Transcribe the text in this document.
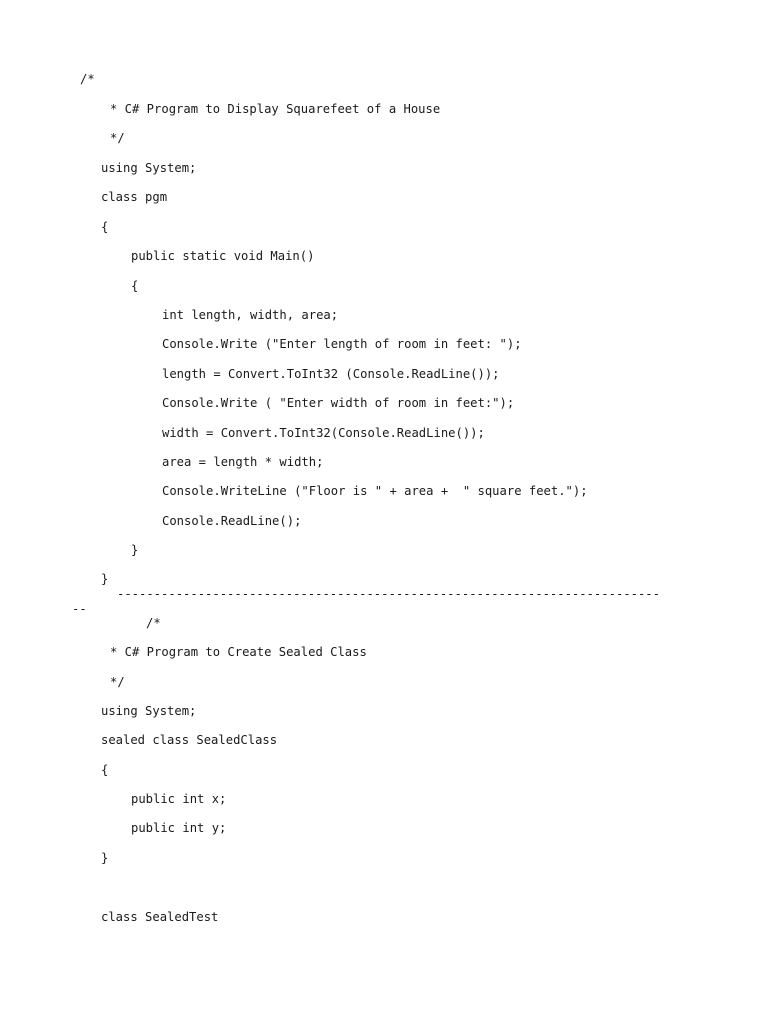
/*

* C# Program to Display Squarefeet of a House

*/

using System;

class pgm

{

public static void Main()

{

int length, width, area;

Console.Write ("Enter length of room in feet: ");

length = Convert.ToInt32 (Console.ReadLine());

Console.Write ( "Enter width of room in feet:");

width = Convert.ToInt32(Console.ReadLine());

area = length * width;

Console.WriteLine ("Floor is " + area +  " square feet.");

Console.ReadLine();

}

}

--------------------------------------------------------------------------

--

/*

* C# Program to Create Sealed Class

*/

using System;

sealed class SealedClass

{

public int x;

public int y;

}

class SealedTest
